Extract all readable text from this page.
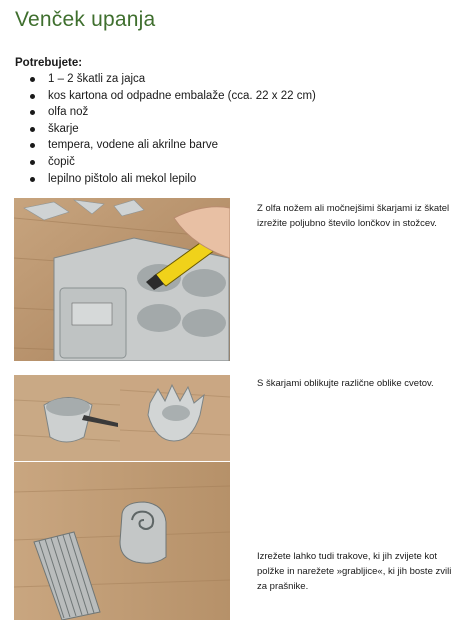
Venček upanja
Potrebujete:
1 – 2 škatli za jajca
kos kartona od odpadne embalaže (cca. 22 x 22 cm)
olfa nož
škarje
tempera, vodene ali akrilne barve
čopič
lepilno pištolo ali mekol lepilo
Z olfa nožem ali močnejšimi škarjami iz škatel izrežite poljubno število lončkov in stožcev.
S škarjami oblikujte različne oblike cvetov.
Izrežete lahko tudi trakove, ki jih zvijete kot polžke in narežete »grabljice«, ki jih boste zvili za prašnike.
